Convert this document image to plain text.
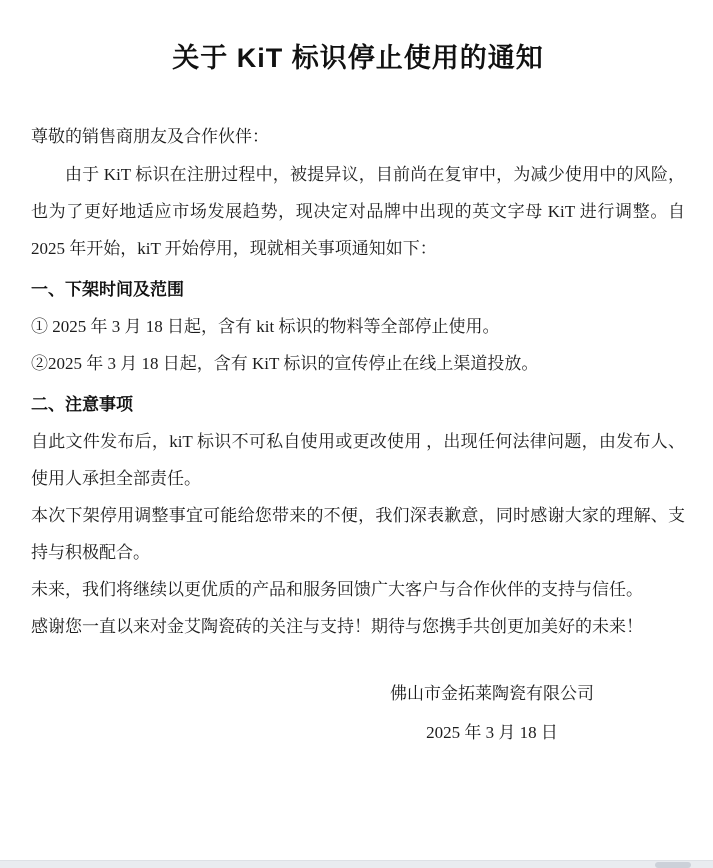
关于 KiT 标识停止使用的通知
尊敬的销售商朋友及合作伙伴：

由于 KiT 标识在注册过程中，被提异议，目前尚在复审中，为减少使用中的风险，也为了更好地适应市场发展趋势，现决定对品牌中出现的英文字母 KiT 进行调整。自 2025 年开始，kiT 开始停用，现就相关事项通知如下：

一、下架时间及范围

① 2025 年 3 月 18 日起，含有 kit 标识的物料等全部停止使用。

②2025 年 3 月 18 日起，含有 KiT 标识的宣传停止在线上渠道投放。

二、注意事项

自此文件发布后，kiT 标识不可私自使用或更改使用 ，出现任何法律问题，由发布人、使用人承担全部责任。

本次下架停用调整事宜可能给您带来的不便，我们深表歉意，同时感谢大家的理解、支持与积极配合。

未来，我们将继续以更优质的产品和服务回馈广大客户与合作伙伴的支持与信任。

感谢您一直以来对金艾陶瓷砖的关注与支持！期待与您携手共创更加美好的未来！

佛山市金拓莱陶瓷有限公司
2025 年 3 月 18 日
